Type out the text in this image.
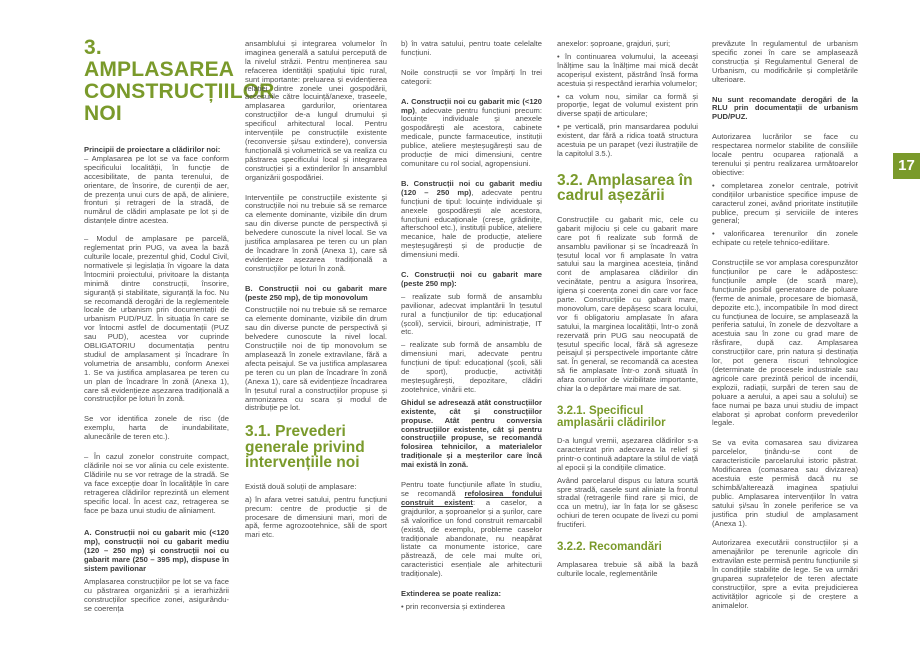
3. AMPLASAREA CONSTRUCȚIILOR NOI

Principii de proiectare a clădirilor noi:
– Amplasarea pe lot se va face conform specificului localității, în funcție de accesibilitate, de panta terenului, de orientare, de însorire, de curenții de aer, de prezența unui curs de apă, de aliniere, fronturi și retrageri de la stradă, de numărul de clădiri amplasate pe lot și de distanțele dintre acestea.

– Modul de amplasare pe parcelă, reglementat prin PUG, va avea la bază culturile locale, prezentul ghid, Codul Civil, normativele și legislația în vigoare la data întocmirii proiectului, privitoare la distanța minimă dintre construcții, însorire, siguranță și stabilitate, siguranță la foc. Nu se recomandă derogări de la reglementele locale de urbanism prin documentații de urbanism PUD/PUZ. În situația în care se vor întocmi astfel de documentații (PUZ sau PUD), acestea vor cuprinde OBLIGATORIU documentația pentru studiul de amplasament și încadrare în volumetria de ansamblu, conform Anexei 1. Se va justifica amplasarea pe teren cu un plan de încadrare în zonă (Anexa 1), care să evidențieze așezarea tradițională a construcțiilor pe loturi în zonă.

Se vor identifica zonele de risc (de exemplu, harta de inundabilitate, alunecările de teren etc.).

– În cazul zonelor construite compact, clădirile noi se vor alinia cu cele existente. Clădirile nu se vor retrage de la stradă. Se va face excepție doar în localitățile în care retragerea clădirilor reprezintă un element specific local. În acest caz, retragerea se face pe baza unui studiu de aliniament.

A. Construcții noi cu gabarit mic (<120 mp), construcții noi cu gabarit mediu (120 – 250 mp) și construcții noi cu gabarit mare (250 – 395 mp), dispuse în sistem pavilionar

Amplasarea construcțiilor pe lot se va face cu păstrarea organizării și a ierarhizării construcțiilor specifice zonei, asigurându-se coerența

ansamblului și integrarea volumelor în imaginea generală a satului percepută de la nivelul străzii. Pentru menținerea sau refacerea identității spațiului tipic rural, sunt importante: preluarea și evidențierea relației dintre zonele unei gospodării, accesurile către locuință/anexe, traseele, amplasarea gardurilor, orientarea construcțiilor de-a lungul drumului și specificul arhitectural local. Pentru intervențiile pe construcțiile existente (reconversie și/sau extindere), conversia funcțională și volumetrică se va realiza cu păstrarea specificului local și integrarea construcției și a extinderilor în ansamblul organizării gospodăriei.

Intervențiile pe construcțiile existente și construcțiile noi nu trebuie să se remarce ca elemente dominante, vizibile din drum sau din diverse puncte de perspectivă și belvedere cunoscute la nivel local. Se va justifica amplasarea pe teren cu un plan de încadrare în zonă (Anexa 1), care să evidențieze așezarea tradițională a construcțiilor pe loturi în zonă.

B. Construcții noi cu gabarit mare (peste 250 mp), de tip monovolum

Construcțiile noi nu trebuie să se remarce ca elemente dominante, vizibile din drum sau din diverse puncte de perspectivă și belvedere cunoscute la nivel local. Construcțiile noi de tip monovolum se amplasează în zonele extravilane, fără a afecta peisajul. Se va justifica amplasarea pe teren cu un plan de încadrare în zonă (Anexa 1), care să evidențieze încadrarea în țesutul rural a construcțiilor propuse și armonizarea cu scara și modul de distribuție pe lot.

3.1. Prevederi generale privind intervențiile noi

Există două soluții de amplasare:

a) în afara vetrei satului, pentru funcțiuni precum: centre de producție și de procesare de dimensiuni mari, mori de apă, ferme agrozootehnice, săli de sport mari etc.

b) în vatra satului, pentru toate celelalte funcțiuni.

Noile construcții se vor împărți în trei categorii:

A. Construcții noi cu gabarit mic (<120 mp), adecvate pentru funcțiuni precum: locuințe individuale și anexele gospodărești ale acestora, cabinete medicale, puncte farmaceutice, instituții publice, ateliere meșteșugărești sau de producție de mici dimensiuni, centre comunitare cu rol social, agropensiuni.

B. Construcții noi cu gabarit mediu (120 – 250 mp), adecvate pentru funcțiuni de tipul: locuințe individuale și anexele gospodărești ale acestora, funcțiuni educaționale (creșe, grădinițe, afterschool etc.), instituții publice, ateliere mecanice, hale de producție, ateliere meșteșugărești și de producție de dimensiuni medii.

C. Construcții noi cu gabarit mare (peste 250 mp):

– realizate sub formă de ansamblu pavilionar, adecvat implantării în țesutul rural a funcțiunilor de tip: educațional (școli), servicii, birouri, administrație, IT etc.

– realizate sub formă de ansamblu de dimensiuni mari, adecvate pentru funcțiuni de tipul: educațional (școli, săli de sport), producție, activități meșteșugărești, depozitare, clădiri zootehnice, vinării etc.

Ghidul se adresează atât construcțiilor existente, cât și construcțiilor propuse. Atât pentru conversia construcțiilor existente, cât și pentru construcțiile propuse, se recomandă folosirea tehnicilor, a materialelor tradiționale și a meșterilor care încă mai există în zonă.

Pentru toate funcțiunile aflate în studiu, se recomandă refolosirea fondului construit existent: a caselor, a grajdurilor, a șoproanelor și a șurilor, care să valorifice un fond construit remarcabil (există, de exemplu, probleme caselor tradiționale abandonate, nu neapărat listate ca monumente istorice, care păstrează, de cele mai multe ori, caracteristici esențiale ale arhitecturii tradiționale).

Extinderea se poate realiza:

• prin reconversia și extinderea

anexelor: șoproane, grajduri, șuri;

• în continuarea volumului, la aceeași înălțime sau la înălțime mai mică decât acoperișul existent, păstrând însă forma acestuia și respectând ierarhia volumelor;

• ca volum nou, similar ca formă și proporție, legat de volumul existent prin diverse spații de articulare;

• pe verticală, prin mansardarea podului existent, dar fără a ridica toată structura acestuia pe un parapet (vezi ilustrațiile de la capitolul 3.5.).

3.2. Amplasarea în cadrul așezării

Construcțiile cu gabarit mic, cele cu gabarit mijlociu și cele cu gabarit mare care pot fi realizate sub formă de ansamblu pavilionar și se încadrează în țesutul local vor fi amplasate în vatra satului sau la marginea acesteia, ținând cont de amplasarea clădirilor din vecinătate, pentru a asigura însorirea, igiena și coerența zonei din care vor face parte. Construcțiile cu gabarit mare, monovolum, care depășesc scara locului, vor fi obligatoriu amplasate în afara satului, la marginea localității, într-o zonă rezervată prin PUG sau neocupată de țesutul specific local, fără să agreseze peisajul și perspectivele importante către sat. În general, se recomandă ca acestea să fie amplasate într-o zonă situată în afara conurilor de vizibilitate importante, chiar la o depărtare mai mare de sat.

3.2.1. Specificul amplasării clădirilor

D-a lungul vremii, așezarea clădirilor s-a caracterizat prin adecvarea la relief și printr-o continuă adaptare la stilul de viață al epocii și la condițiile climatice.

Având parcelarul dispus cu latura scurtă spre stradă, casele sunt aliniate la frontul stradal (retragerile fiind rare și mici, de cca un metru), iar în fața lor se găsesc ochiuri de teren ocupate de livezi cu pomi fructiferi.

3.2.2. Recomandări

Amplasarea trebuie să aibă la bază culturile locale, reglementările

prevăzute în regulamentul de urbanism specific zonei în care se amplasează construcția și Regulamentul General de Urbanism, cu modificările și completările ulterioare.

Nu sunt recomandate derogări de la RLU prin documentații de urbanism PUD/PUZ.

Autorizarea lucrărilor se face cu respectarea normelor stabilite de consiliile locale pentru ocuparea rațională a terenului și pentru realizarea următoarelor obiective:

• completarea zonelor centrale, potrivit condițiilor urbanistice specifice impuse de caracterul zonei, având prioritate instituțiile publice, precum și serviciile de interes general;

• valorificarea terenurilor din zonele echipate cu rețele tehnico-edilitare.

Construcțiile se vor amplasa corespunzător funcțiunilor pe care le adăpostesc: funcțiunile ample (de scară mare), funcțiunile posibil generatoare de poluare (ferme de animale, procesare de biomasă, depozite etc.), incompatibile în mod direct cu funcțiunea de locuire, se amplasează la periferia satului, în zonele de dezvoltare a acestuia sau în zone cu grad mare de răsfirare, după caz. Amplasarea construcțiilor care, prin natura și destinația lor, pot genera riscuri tehnologice (determinate de procesele industriale sau agricole care prezintă pericol de incendii, explozii, radiații, surpări de teren sau de poluare a aerului, a apei sau a solului) se face numai pe baza unui studiu de impact elaborat și aprobat conform prevederilor legale.

Se va evita comasarea sau divizarea parcelelor, ținându-se cont de caracteristicile parcelarului istoric păstrat. Modificarea (comasarea sau divizarea) acestuia este permisă dacă nu se schimbă/alterează imaginea spațiului public. Amplasarea intervențiilor în vatra satului și/sau în zonele periferice se va justifica prin studiul de amplasament (Anexa 1).

Autorizarea executării construcțiilor și a amenajărilor pe terenurile agricole din extravilan este permisă pentru funcțiunile și în condițiile stabilite de lege. Se va urmări gruparea suprafețelor de teren afectate construcțiilor, spre a evita prejudicierea activităților agricole și de creștere a animalelor.

17
